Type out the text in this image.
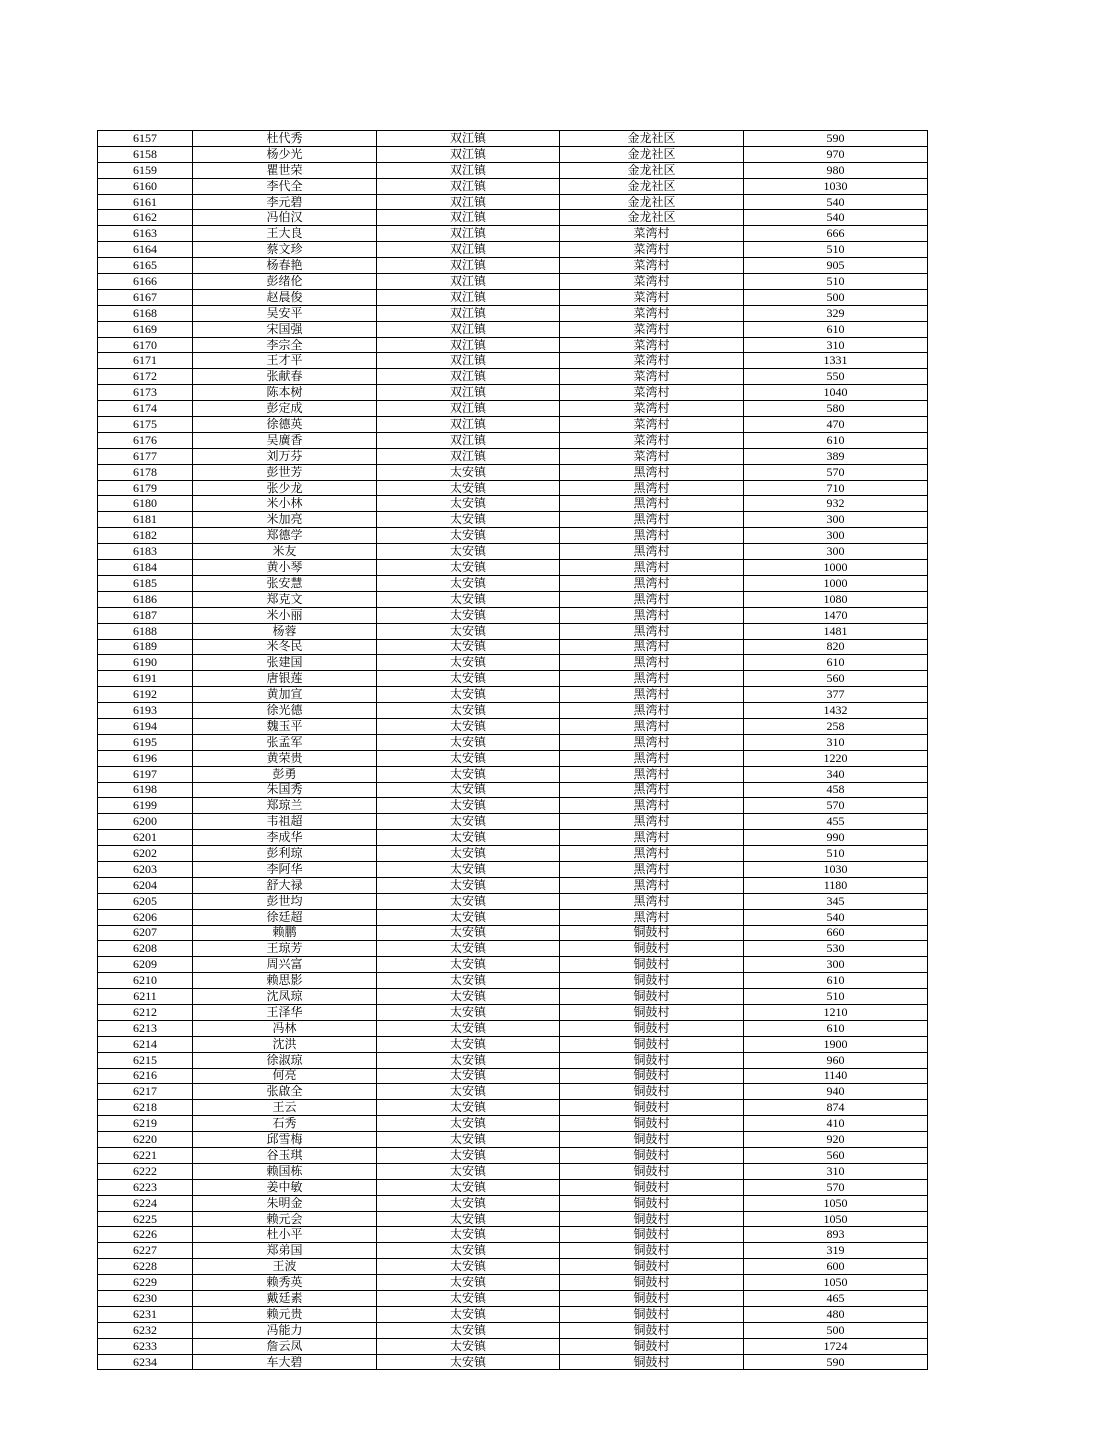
6157	杜代秀	双江镇	金龙社区	590
6158	杨少光	双江镇	金龙社区	970
6159	瞿世荣	双江镇	金龙社区	980
6160	李代全	双江镇	金龙社区	1030
6161	李元碧	双江镇	金龙社区	540
6162	冯伯汉	双江镇	金龙社区	540
6163	王大良	双江镇	菜湾村	666
6164	蔡文珍	双江镇	菜湾村	510
6165	杨春艳	双江镇	菜湾村	905
6166	彭绪伦	双江镇	菜湾村	510
6167	赵晨俊	双江镇	菜湾村	500
6168	吴安平	双江镇	菜湾村	329
6169	宋国强	双江镇	菜湾村	610
6170	李宗全	双江镇	菜湾村	310
6171	王才平	双江镇	菜湾村	1331
6172	张献春	双江镇	菜湾村	550
6173	陈本树	双江镇	菜湾村	1040
6174	彭定成	双江镇	菜湾村	580
6175	徐德英	双江镇	菜湾村	470
6176	吴廣香	双江镇	菜湾村	610
6177	刘万芬	双江镇	菜湾村	389
6178	彭世芳	太安镇	黑湾村	570
6179	张少龙	太安镇	黑湾村	710
6180	米小林	太安镇	黑湾村	932
6181	米加亮	太安镇	黑湾村	300
6182	郑德学	太安镇	黑湾村	300
6183	米友	太安镇	黑湾村	300
6184	黄小琴	太安镇	黑湾村	1000
6185	张安慧	太安镇	黑湾村	1000
6186	郑克文	太安镇	黑湾村	1080
6187	米小丽	太安镇	黑湾村	1470
6188	杨蓉	太安镇	黑湾村	1481
6189	米冬民	太安镇	黑湾村	820
6190	张建国	太安镇	黑湾村	610
6191	唐银莲	太安镇	黑湾村	560
6192	黄加宣	太安镇	黑湾村	377
6193	徐光德	太安镇	黑湾村	1432
6194	魏玉平	太安镇	黑湾村	258
6195	张孟军	太安镇	黑湾村	310
6196	黄荣贵	太安镇	黑湾村	1220
6197	彭勇	太安镇	黑湾村	340
6198	朱国秀	太安镇	黑湾村	458
6199	郑琼兰	太安镇	黑湾村	570
6200	韦祖超	太安镇	黑湾村	455
6201	李成华	太安镇	黑湾村	990
6202	彭利琼	太安镇	黑湾村	510
6203	李阿华	太安镇	黑湾村	1030
6204	舒大禄	太安镇	黑湾村	1180
6205	彭世均	太安镇	黑湾村	345
6206	徐廷超	太安镇	黑湾村	540
6207	赖鹏	太安镇	铜鼓村	660
6208	王琼芳	太安镇	铜鼓村	530
6209	周兴富	太安镇	铜鼓村	300
6210	赖思影	太安镇	铜鼓村	610
6211	沈凤琼	太安镇	铜鼓村	510
6212	王泽华	太安镇	铜鼓村	1210
6213	冯林	太安镇	铜鼓村	610
6214	沈洪	太安镇	铜鼓村	1900
6215	徐淑琼	太安镇	铜鼓村	960
6216	何亮	太安镇	铜鼓村	1140
6217	张啟全	太安镇	铜鼓村	940
6218	王云	太安镇	铜鼓村	874
6219	石秀	太安镇	铜鼓村	410
6220	邱雪梅	太安镇	铜鼓村	920
6221	谷玉琪	太安镇	铜鼓村	560
6222	赖国栋	太安镇	铜鼓村	310
6223	姜中敏	太安镇	铜鼓村	570
6224	朱明金	太安镇	铜鼓村	1050
6225	赖元会	太安镇	铜鼓村	1050
6226	杜小平	太安镇	铜鼓村	893
6227	郑弟国	太安镇	铜鼓村	319
6228	王波	太安镇	铜鼓村	600
6229	赖秀英	太安镇	铜鼓村	1050
6230	戴廷素	太安镇	铜鼓村	465
6231	赖元贵	太安镇	铜鼓村	480
6232	冯能力	太安镇	铜鼓村	500
6233	詹云凤	太安镇	铜鼓村	1724
6234	车大碧	太安镇	铜鼓村	590
